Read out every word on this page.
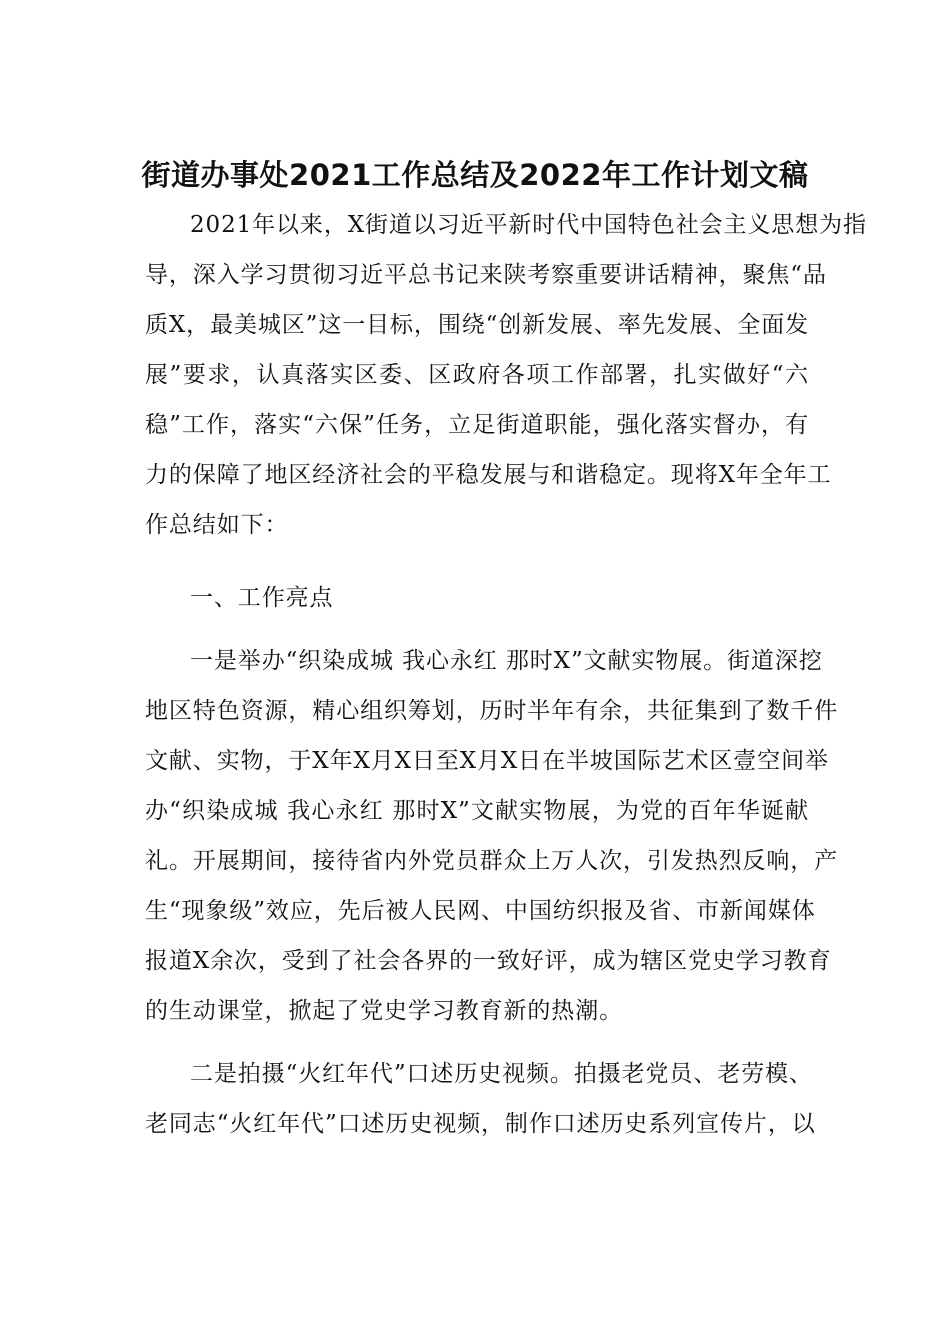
街道办事处2021工作总结及2022年工作计划文稿
2021年以来，X街道以习近平新时代中国特色社会主义思想为指
导，深入学习贯彻习近平总书记来陕考察重要讲话精神，聚焦“品
质X，最美城区”这一目标，围绕“创新发展、率先发展、全面发
展”要求，认真落实区委、区政府各项工作部署，扎实做好“六
稳”工作，落实“六保”任务，立足街道职能，强化落实督办，有
力的保障了地区经济社会的平稳发展与和谐稳定。现将X年全年工
作总结如下：
一、工作亮点
一是举办“织染成城 我心永红 那时X”文献实物展。街道深挖
地区特色资源，精心组织筹划，历时半年有余，共征集到了数千件
文献、实物，于X年X月X日至X月X日在半坡国际艺术区壹空间举
办“织染成城 我心永红 那时X”文献实物展，为党的百年华诞献
礼。开展期间，接待省内外党员群众上万人次，引发热烈反响，产
生“现象级”效应，先后被人民网、中国纺织报及省、市新闻媒体
报道X余次，受到了社会各界的一致好评，成为辖区党史学习教育
的生动课堂，掀起了党史学习教育新的热潮。
二是拍摄“火红年代”口述历史视频。拍摄老党员、老劳模、
老同志“火红年代”口述历史视频，制作口述历史系列宣传片，以
